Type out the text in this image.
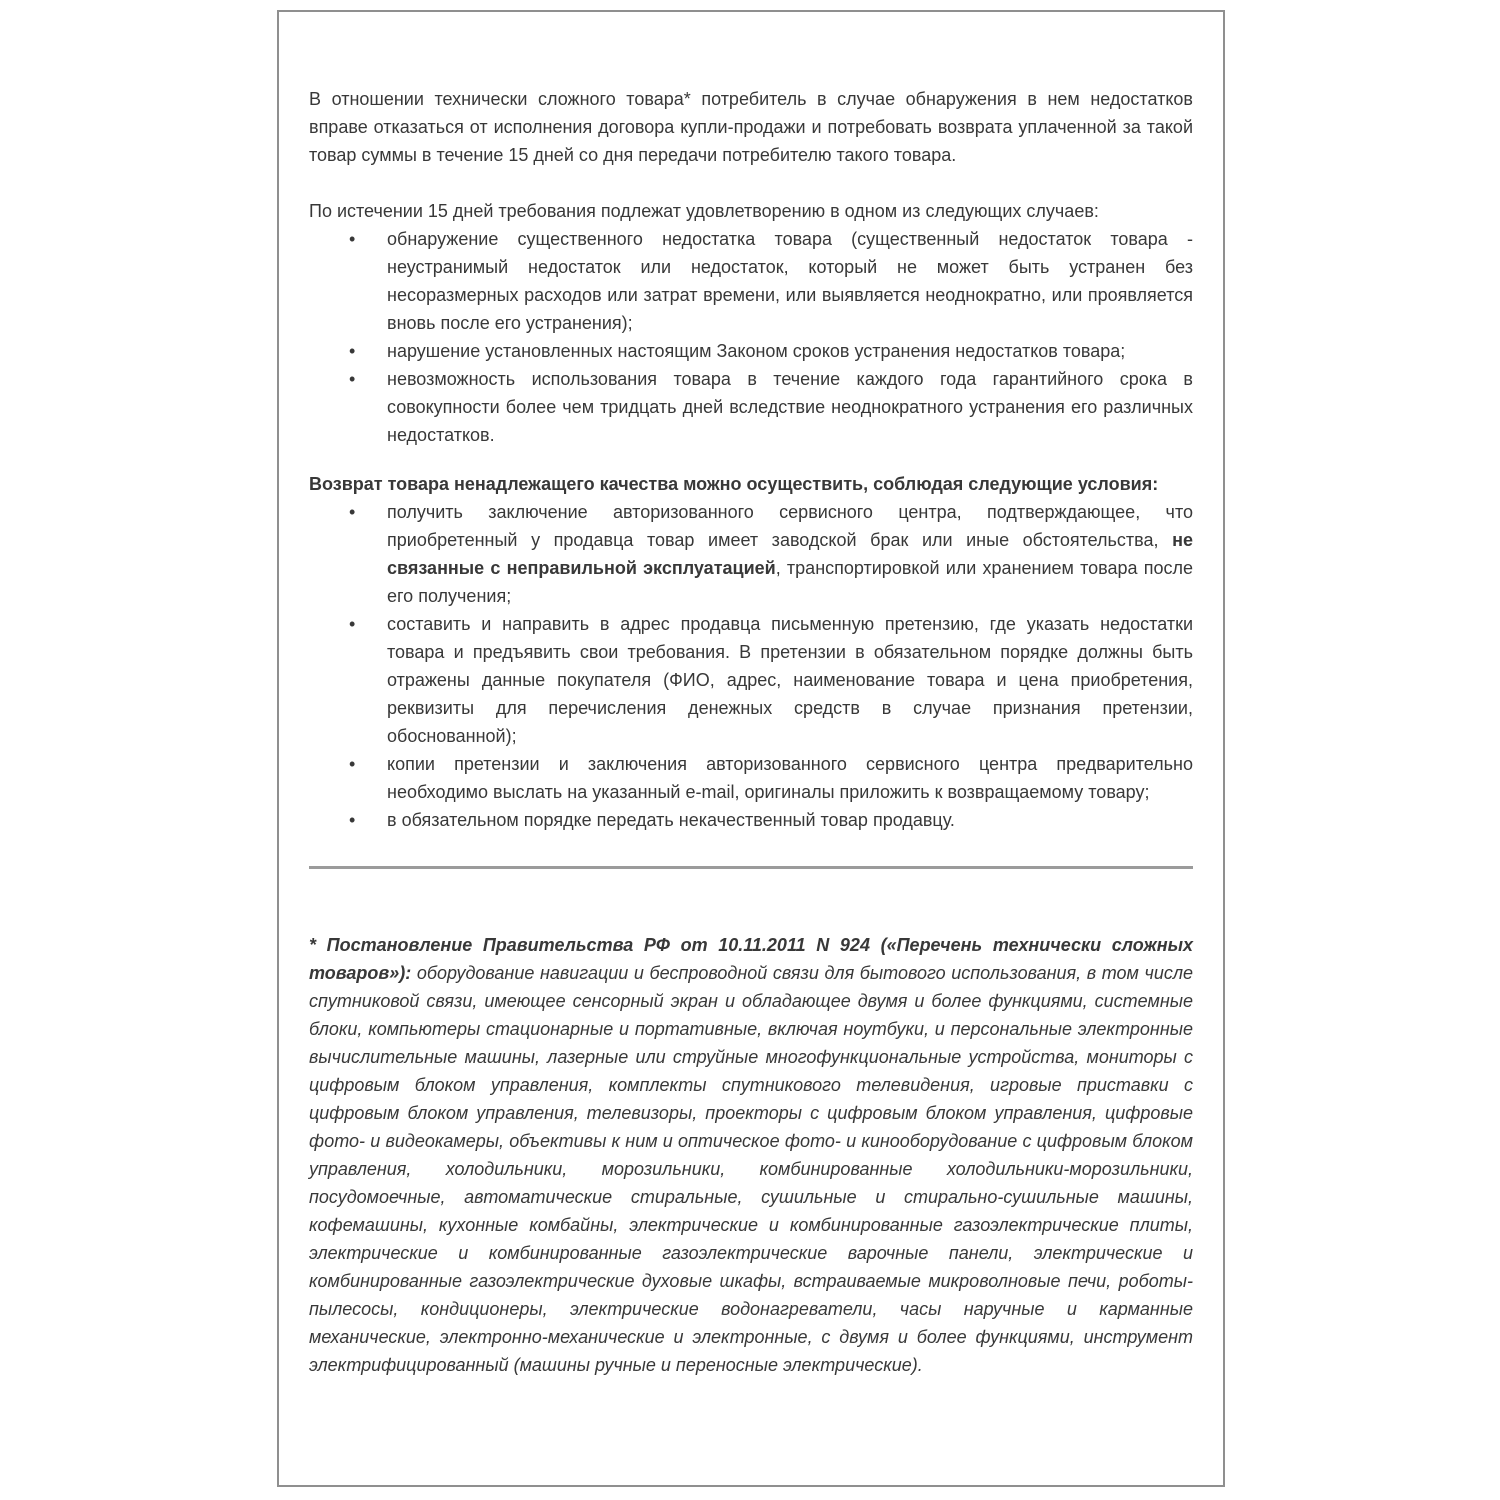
В отношении технически сложного товара* потребитель в случае обнаружения в нем недостатков вправе отказаться от исполнения договора купли-продажи и потребовать возврата уплаченной за такой товар суммы в течение 15 дней со дня передачи потребителю такого товара.

По истечении 15 дней требования подлежат удовлетворению в одном из следующих случаев:

• обнаружение существенного недостатка товара (существенный недостаток товара - неустранимый недостаток или недостаток, который не может быть устранен без несоразмерных расходов или затрат времени, или выявляется неоднократно, или проявляется вновь после его устранения);
• нарушение установленных настоящим Законом сроков устранения недостатков товара;
• невозможность использования товара в течение каждого года гарантийного срока в совокупности более чем тридцать дней вследствие неоднократного устранения его различных недостатков.

Возврат товара ненадлежащего качества можно осуществить, соблюдая следующие условия:

• получить заключение авторизованного сервисного центра, подтверждающее, что приобретенный у продавца товар имеет заводской брак или иные обстоятельства, не связанные с неправильной эксплуатацией, транспортировкой или хранением товара после его получения;
• составить и направить в адрес продавца письменную претензию, где указать недостатки товара и предъявить свои требования. В претензии в обязательном порядке должны быть отражены данные покупателя (ФИО, адрес, наименование товара и цена приобретения, реквизиты для перечисления денежных средств в случае признания претензии, обоснованной);
• копии претензии и заключения авторизованного сервисного центра предварительно необходимо выслать на указанный e-mail, оригиналы приложить к возвращаемому товару;
• в обязательном порядке передать некачественный товар продавцу.

* Постановление Правительства РФ от 10.11.2011 N 924 («Перечень технически сложных товаров»): оборудование навигации и беспроводной связи для бытового использования, в том числе спутниковой связи, имеющее сенсорный экран и обладающее двумя и более функциями, системные блоки, компьютеры стационарные и портативные, включая ноутбуки, и персональные электронные вычислительные машины, лазерные или струйные многофункциональные устройства, мониторы с цифровым блоком управления, комплекты спутникового телевидения, игровые приставки с цифровым блоком управления, телевизоры, проекторы с цифровым блоком управления, цифровые фото- и видеокамеры, объективы к ним и оптическое фото- и кинооборудование с цифровым блоком управления, холодильники, морозильники, комбинированные холодильники-морозильники, посудомоечные, автоматические стиральные, сушильные и стирально-сушильные машины, кофемашины, кухонные комбайны, электрические и комбинированные газоэлектрические плиты, электрические и комбинированные газоэлектрические варочные панели, электрические и комбинированные газоэлектрические духовые шкафы, встраиваемые микроволновые печи, роботы-пылесосы, кондиционеры, электрические водонагреватели, часы наручные и карманные механические, электронно-механические и электронные, с двумя и более функциями, инструмент электрифицированный (машины ручные и переносные электрические).
